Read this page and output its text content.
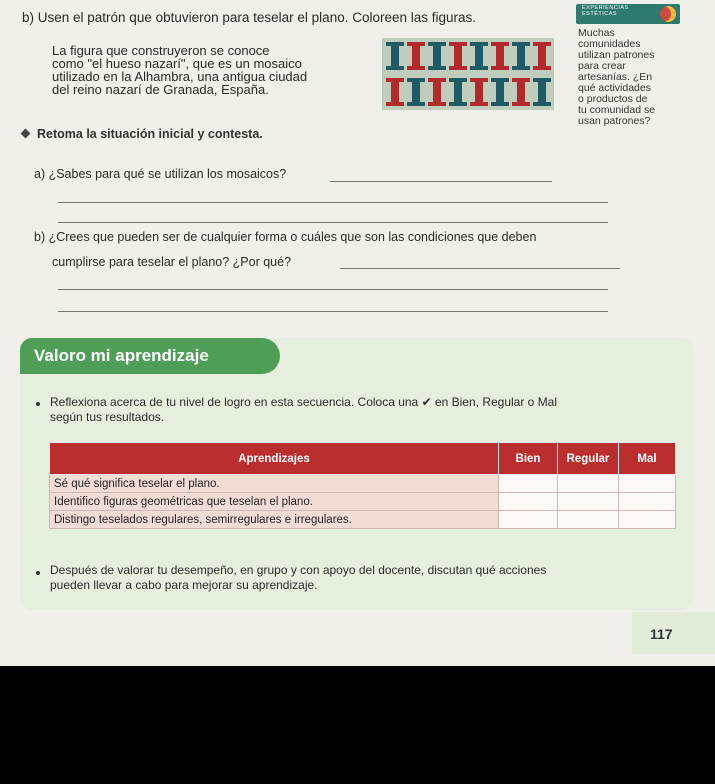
b) Usen el patrón que obtuvieron para teselar el plano. Coloreen las figuras.

La figura que construyeron se conoce
como "el hueso nazarí", que es un mosaico
utilizado en la Alhambra, una antigua ciudad
del reino nazarí de Granada, España.
EXPERIENCIAS
ESTÉTICAS
Muchas
comunidades
utilizan patrones
para crear
artesanías. ¿En
qué actividades
o productos de
tu comunidad se
usan patrones?

Retoma la situación inicial y contesta.

a) ¿Sabes para qué se utilizan los mosaicos?

b) ¿Crees que pueden ser de cualquier forma o cuáles que son las condiciones que deben

cumplirse para teselar el plano? ¿Por qué?

Valoro mi aprendizaje
Reflexiona acerca de tu nivel de logro en esta secuencia. Coloca una ✔ en Bien, Regular o Mal
según tus resultados.
Aprendizajes	Bien	Regular	Mal
Sé qué significa teselar el plano.			
Identifico figuras geométricas que teselan el plano.			
Distingo teselados regulares, semirregulares e irregulares.			
Después de valorar tu desempeño, en grupo y con apoyo del docente, discutan qué acciones
pueden llevar a cabo para mejorar su aprendizaje.

117
